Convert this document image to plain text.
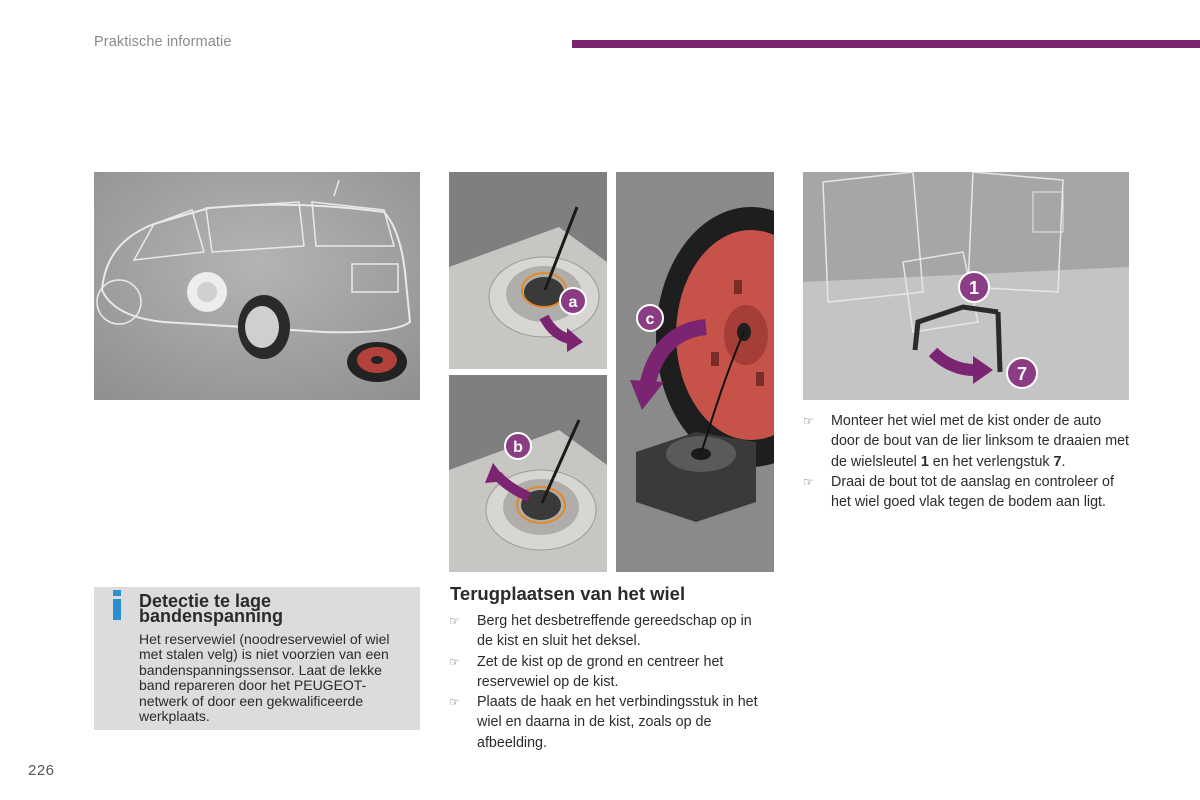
Praktische informatie
a
b
c
1
7
Detectie te lage bandenspanning
Het reservewiel (noodreservewiel of wiel met stalen velg) is niet voorzien van een bandenspanningssensor. Laat de lekke band repareren door het PEUGEOT-netwerk of door een gekwalificeerde werkplaats.
Terugplaatsen van het wiel
☞ Berg het desbetreffende gereedschap op in de kist en sluit het deksel.
☞ Zet de kist op de grond en centreer het reservewiel op de kist.
☞ Plaats de haak en het verbindingsstuk in het wiel en daarna in de kist, zoals op de afbeelding.
☞ Monteer het wiel met de kist onder de auto door de bout van de lier linksom te draaien met de wielsleutel 1 en het verlengstuk 7.
☞ Draai de bout tot de aanslag en controleer of het wiel goed vlak tegen de bodem aan ligt.
226
